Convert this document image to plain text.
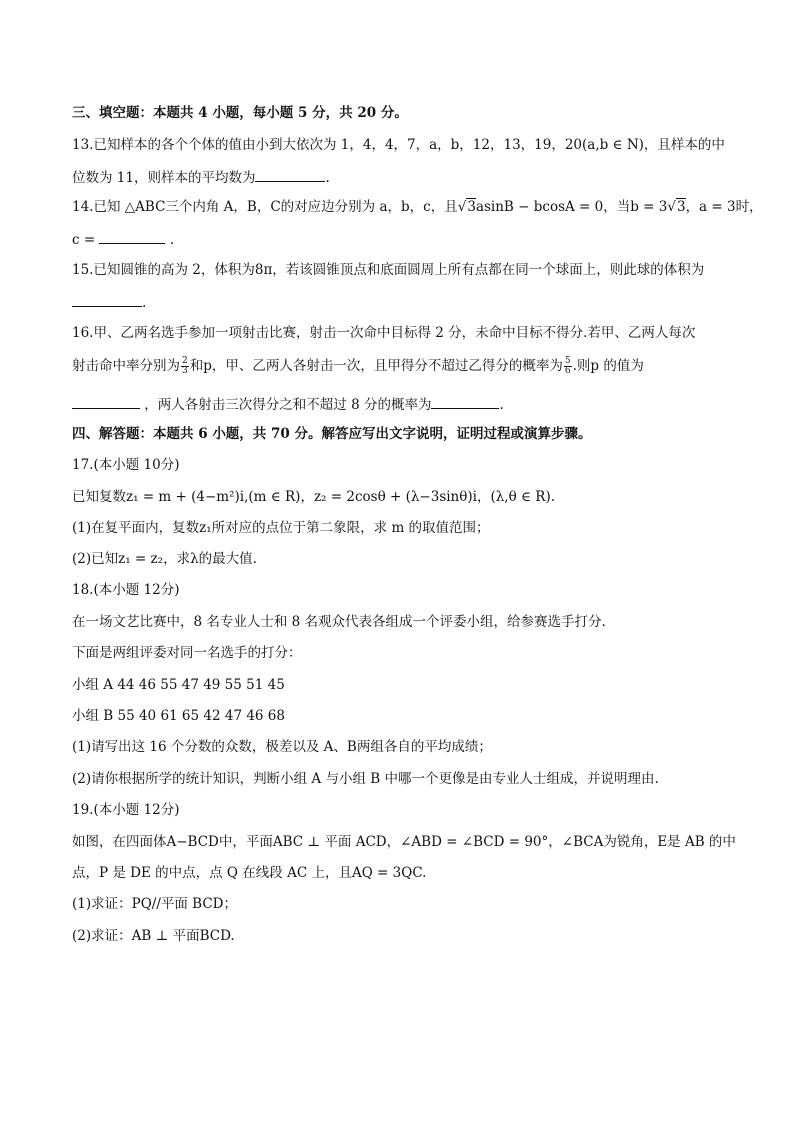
三、填空题：本题共 4 小题，每小题 5 分，共 20 分。

13.已知样本的各个个体的值由小到大依次为 1，4，4，7，a，b，12，13，19，20(a,b ∈ N)，且样本的中

位数为 11，则样本的平均数为	.

14.已知 △ABC三个内角 A，B，C的对应边分别为 a，b，c，且√3asinB − bcosA = 0，当b = 3√3，a = 3时，

c =	.

15.已知圆锥的高为 2，体积为8π，若该圆锥顶点和底面圆周上所有点都在同一个球面上，则此球的体积为

.

16.甲、乙两名选手参加一项射击比赛，射击一次命中目标得 2 分，未命中目标不得分.若甲、乙两人每次

射击命中率分别为 $\frac{2}{3}$ 和p，甲、乙两人各射击一次，且甲得分不超过乙得分的概率为 $\frac{5}{6}$ .则p 的值为

，两人各射击三次得分之和不超过 8 分的概率为	.

四、解答题：本题共 6 小题，共 70 分。解答应写出文字说明，证明过程或演算步骤。

17.(本小题 10分)

已知复数z₁ = m + (4−m²)i,(m ∈ R)，z₂ = 2cosθ + (λ−3sinθ)i，(λ,θ ∈ R).

(1)在复平面内，复数z₁所对应的点位于第二象限，求 m 的取值范围；

(2)已知z₁ = z₂，求λ的最大值.

18.(本小题 12分)

在一场文艺比赛中，8 名专业人士和 8 名观众代表各组成一个评委小组，给参赛选手打分.

下面是两组评委对同一名选手的打分：

小组 A 44 46 55 47 49 55 51 45

小组 B 55 40 61 65 42 47 46 68

(1)请写出这 16 个分数的众数，极差以及 A、B两组各自的平均成绩；

(2)请你根据所学的统计知识，判断小组 A 与小组 B 中哪一个更像是由专业人士组成，并说明理由.

19.(本小题 12分)

如图，在四面体A−BCD中，平面ABC ⊥ 平面 ACD，∠ABD = ∠BCD = 90°，∠BCA为锐角，E是 AB 的中

点，P 是 DE 的中点，点 Q 在线段 AC 上，且AQ = 3QC.

(1)求证：PQ//平面 BCD；

(2)求证：AB ⊥ 平面BCD.
